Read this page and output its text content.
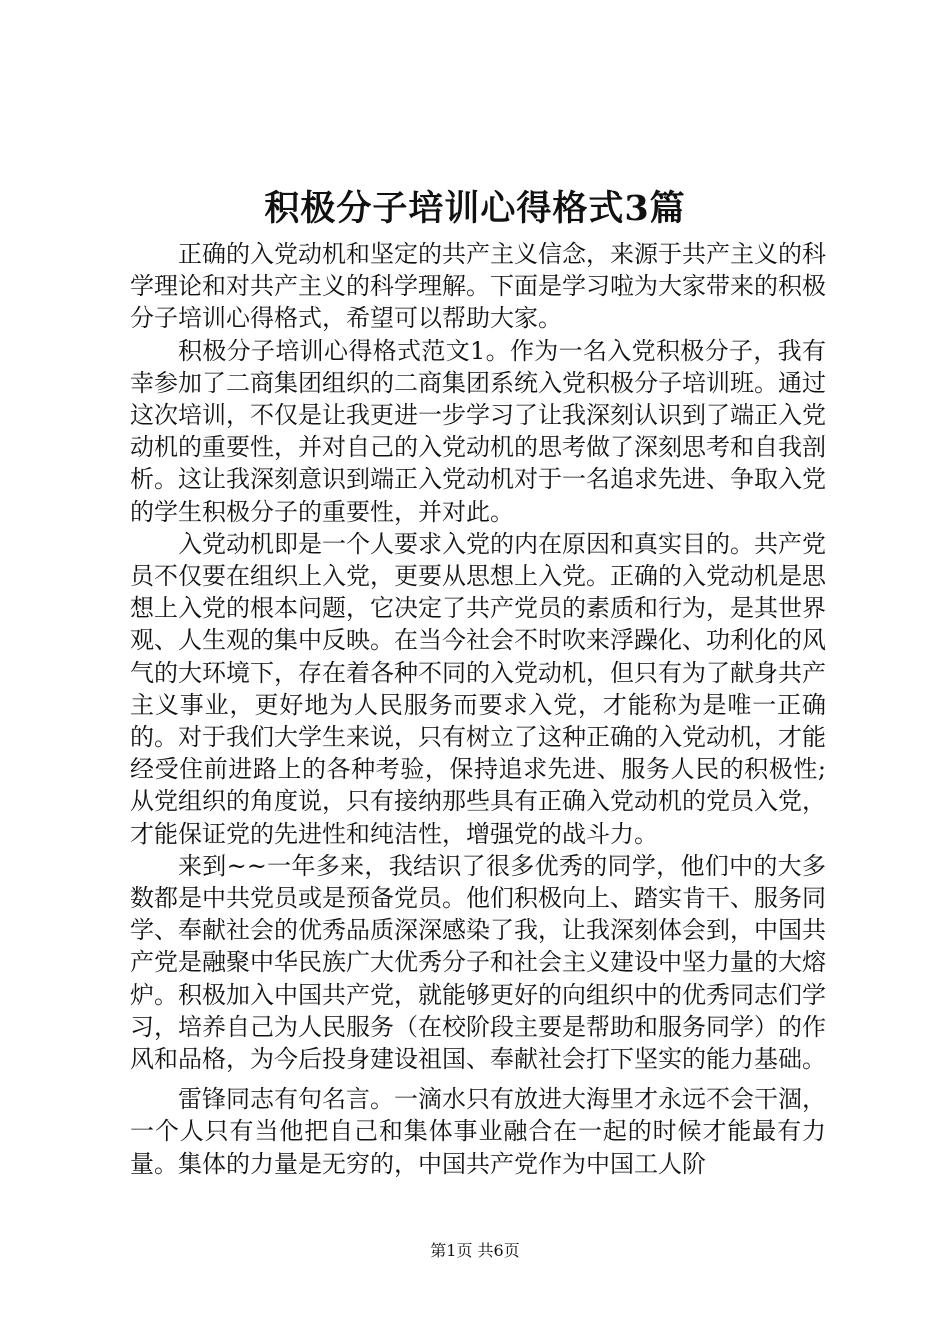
积极分子培训心得格式3篇

正确的入党动机和坚定的共产主义信念，来源于共产主义的科学理论和对共产主义的科学理解。下面是学习啦为大家带来的积极分子培训心得格式，希望可以帮助大家。

积极分子培训心得格式范文1。作为一名入党积极分子，我有幸参加了二商集团组织的二商集团系统入党积极分子培训班。通过这次培训，不仅是让我更进一步学习了让我深刻认识到了端正入党动机的重要性，并对自己的入党动机的思考做了深刻思考和自我剖析。这让我深刻意识到端正入党动机对于一名追求先进、争取入党的学生积极分子的重要性，并对此。

入党动机即是一个人要求入党的内在原因和真实目的。共产党员不仅要在组织上入党，更要从思想上入党。正确的入党动机是思想上入党的根本问题，它决定了共产党员的素质和行为，是其世界观、人生观的集中反映。在当今社会不时吹来浮躁化、功利化的风气的大环境下，存在着各种不同的入党动机，但只有为了献身共产主义事业，更好地为人民服务而要求入党，才能称为是唯一正确的。对于我们大学生来说，只有树立了这种正确的入党动机，才能经受住前进路上的各种考验，保持追求先进、服务人民的积极性;从党组织的角度说，只有接纳那些具有正确入党动机的党员入党，才能保证党的先进性和纯洁性，增强党的战斗力。

来到~~一年多来，我结识了很多优秀的同学，他们中的大多数都是中共党员或是预备党员。他们积极向上、踏实肯干、服务同学、奉献社会的优秀品质深深感染了我，让我深刻体会到，中国共产党是融聚中华民族广大优秀分子和社会主义建设中坚力量的大熔炉。积极加入中国共产党，就能够更好的向组织中的优秀同志们学习，培养自己为人民服务（在校阶段主要是帮助和服务同学）的作风和品格，为今后投身建设祖国、奉献社会打下坚实的能力基础。

雷锋同志有句名言。一滴水只有放进大海里才永远不会干涸，一个人只有当他把自己和集体事业融合在一起的时候才能最有力量。集体的力量是无穷的，中国共产党作为中国工人阶

第1页 共6页
